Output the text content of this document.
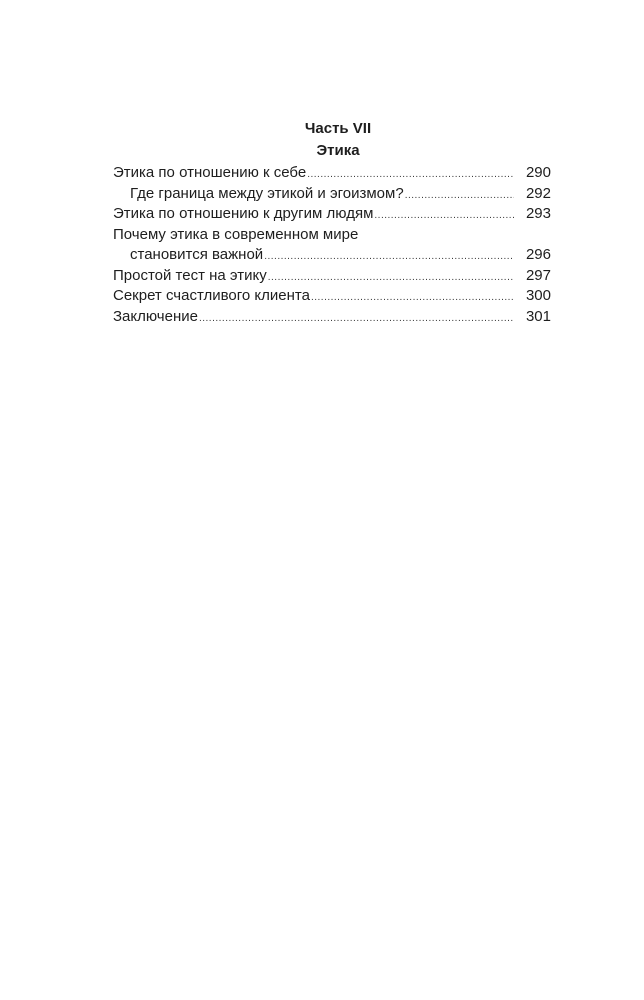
Часть VII
Этика
Этика по отношению к себе .....	290
Где граница между этикой и эгоизмом? .....	292
Этика по отношению к другим людям .....	293
Почему этика в современном мире
становится важной .....	296
Простой тест на этику .....	297
Секрет счастливого клиента .....	300
Заключение .....	301
